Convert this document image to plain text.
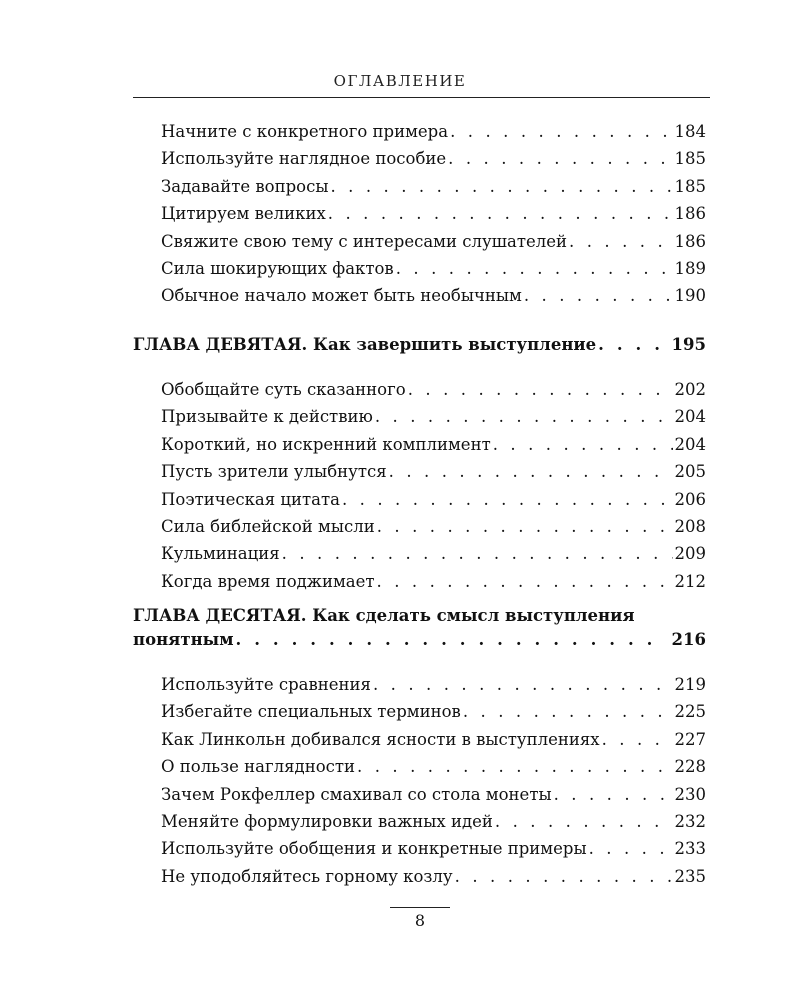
ОГЛАВЛЕНИЕ
Начните с конкретного примера . . .	184
Используйте наглядное пособие . . .	185
Задавайте вопросы . . .	185
Цитируем великих . . .	186
Свяжите свою тему с интересами слушателей . . .	186
Сила шокирующих фактов . . .	189
Обычное начало может быть необычным . . .	190
ГЛАВА ДЕВЯТАЯ. Как завершить выступление . . .	195
Обобщайте суть сказанного . . .	202
Призывайте к действию . . .	204
Короткий, но искренний комплимент . . .	204
Пусть зрители улыбнутся . . .	205
Поэтическая цитата . . .	206
Сила библейской мысли . . .	208
Кульминация . . .	209
Когда время поджимает . . .	212
ГЛАВА ДЕСЯТАЯ. Как сделать смысл выступления
понятным . . .	216
Используйте сравнения . . .	219
Избегайте специальных терминов . . .	225
Как Линкольн добивался ясности в выступлениях . . .	227
О пользе наглядности . . .	228
Зачем Рокфеллер смахивал со стола монеты . . .	230
Меняйте формулировки важных идей . . .	232
Используйте обобщения и конкретные примеры . . .	233
Не уподобляйтесь горному козлу . . .	235
8
